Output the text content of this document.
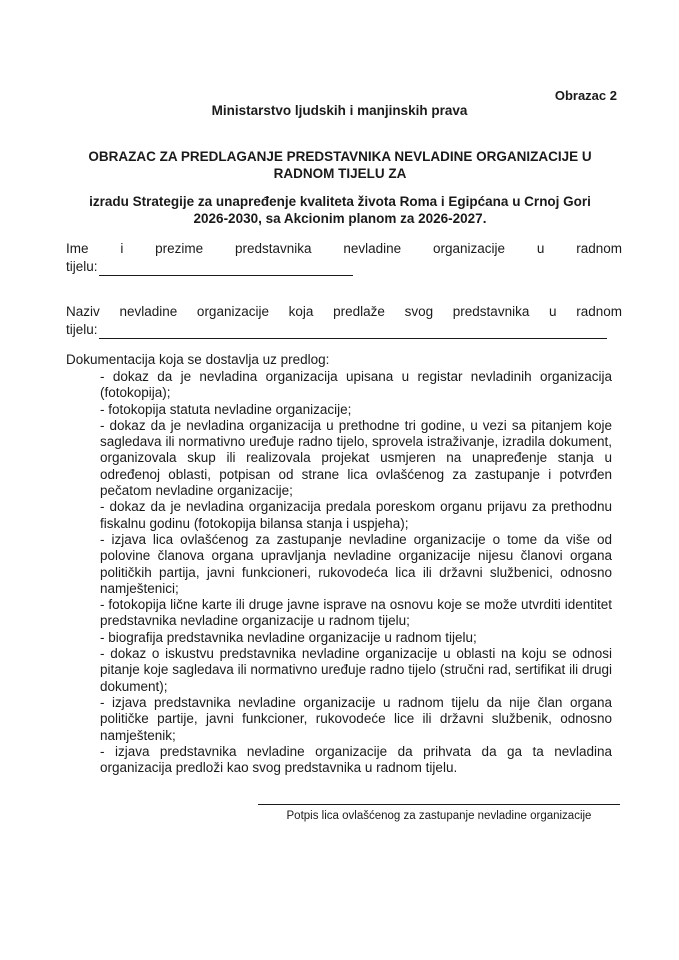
Obrazac 2
Ministarstvo ljudskih i manjinskih prava
OBRAZAC ZA PREDLAGANJE PREDSTAVNIKA NEVLADINE ORGANIZACIJE U
RADNOM TIJELU ZA
izradu Strategije za unapređenje kvaliteta života Roma i Egipćana u Crnoj Gori
2026-2030, sa Akcionim planom za 2026-2027.
Ime i prezime predstavnika nevladine organizacije u radnom
tijelu:
Naziv nevladine organizacije koja predlaže svog predstavnika u radnom
tijelu:
Dokumentacija koja se dostavlja uz predlog:
- dokaz da je nevladina organizacija upisana u registar nevladinih organizacija (fotokopija);
- fotokopija statuta nevladine organizacije;
- dokaz da je nevladina organizacija u prethodne tri godine, u vezi sa pitanjem koje sagledava ili normativno uređuje radno tijelo, sprovela istraživanje, izradila dokument, organizovala skup ili realizovala projekat usmjeren na unapređenje stanja u određenoj oblasti, potpisan od strane lica ovlašćenog za zastupanje i potvrđen pečatom nevladine organizacije;
- dokaz da je nevladina organizacija predala poreskom organu prijavu za prethodnu fiskalnu godinu (fotokopija bilansa stanja i uspjeha);
- izjava lica ovlašćenog za zastupanje nevladine organizacije o tome da više od polovine članova organa upravljanja nevladine organizacije nijesu članovi organa političkih partija, javni funkcioneri, rukovodeća lica ili državni službenici, odnosno namještenici;
- fotokopija lične karte ili druge javne isprave na osnovu koje se može utvrditi identitet predstavnika nevladine organizacije u radnom tijelu;
- biografija predstavnika nevladine organizacije u radnom tijelu;
- dokaz o iskustvu predstavnika nevladine organizacije u oblasti na koju se odnosi pitanje koje sagledava ili normativno uređuje radno tijelo (stručni rad, sertifikat ili drugi dokument);
- izjava predstavnika nevladine organizacije u radnom tijelu da nije član organa političke partije, javni funkcioner, rukovodeće lice ili državni službenik, odnosno namještenik;
- izjava predstavnika nevladine organizacije da prihvata da ga ta nevladina organizacija predloži kao svog predstavnika u radnom tijelu.
Potpis lica ovlašćenog za zastupanje nevladine organizacije
